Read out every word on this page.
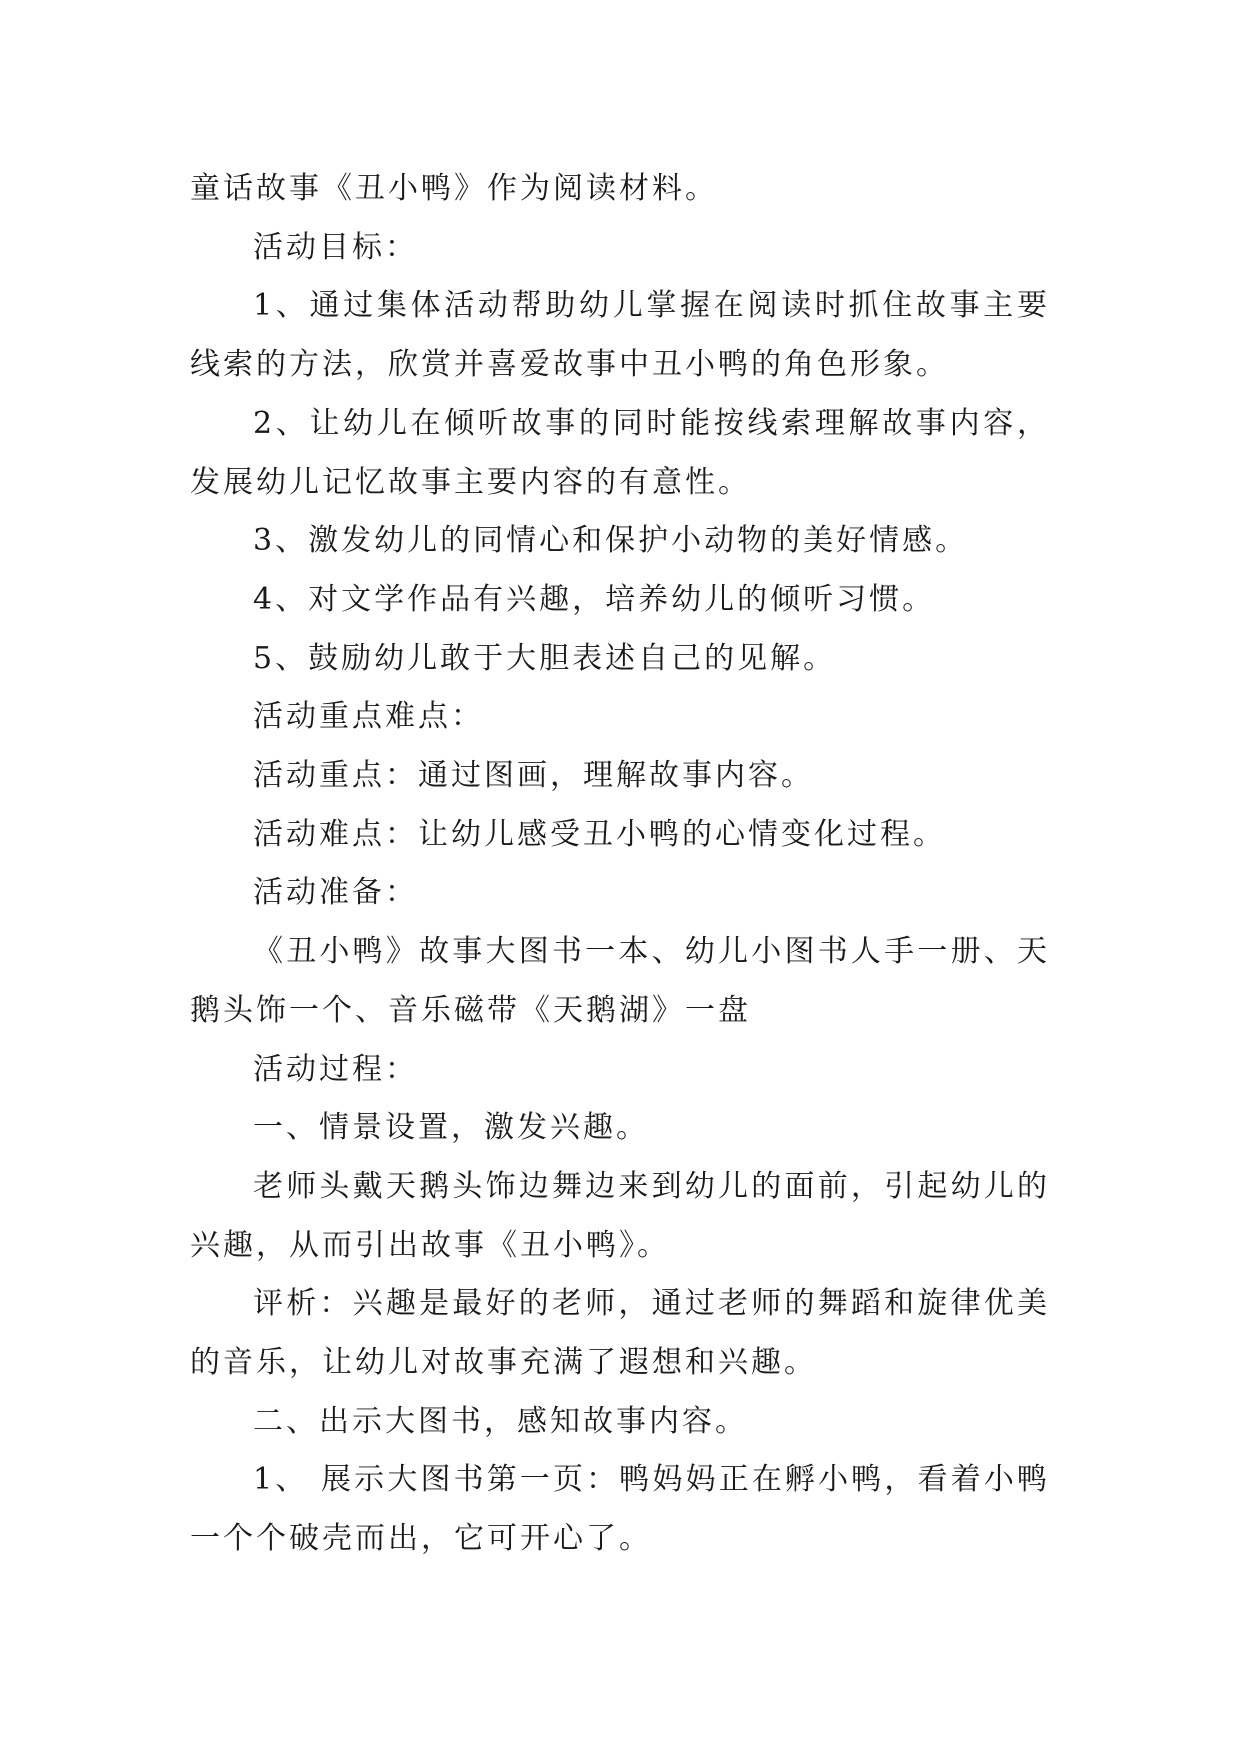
童话故事《丑小鸭》作为阅读材料。

活动目标：

1、通过集体活动帮助幼儿掌握在阅读时抓住故事主要线索的方法，欣赏并喜爱故事中丑小鸭的角色形象。

2、让幼儿在倾听故事的同时能按线索理解故事内容，发展幼儿记忆故事主要内容的有意性。

3、激发幼儿的同情心和保护小动物的美好情感。

4、对文学作品有兴趣，培养幼儿的倾听习惯。

5、鼓励幼儿敢于大胆表述自己的见解。

活动重点难点：

活动重点：通过图画，理解故事内容。

活动难点：让幼儿感受丑小鸭的心情变化过程。

活动准备：

《丑小鸭》故事大图书一本、幼儿小图书人手一册、天鹅头饰一个、音乐磁带《天鹅湖》一盘

活动过程：

一、情景设置，激发兴趣。

老师头戴天鹅头饰边舞边来到幼儿的面前，引起幼儿的兴趣，从而引出故事《丑小鸭》。

评析：兴趣是最好的老师，通过老师的舞蹈和旋律优美的音乐，让幼儿对故事充满了遐想和兴趣。

二、出示大图书，感知故事内容。

1、 展示大图书第一页：鸭妈妈正在孵小鸭，看着小鸭一个个破壳而出，它可开心了。
